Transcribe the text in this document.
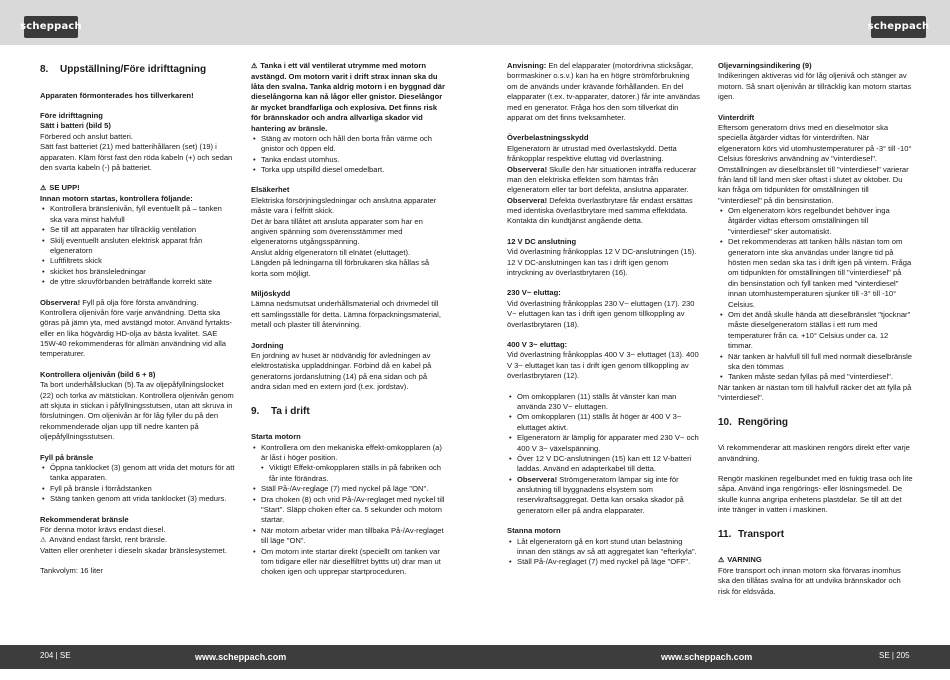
scheppach	scheppach
8. Uppställning/Före idrifttagning
Apparaten förmonterades hos tillverkaren!
Före idrifttagning
Sätt i batteri (bild 5)
Förbered och anslut batteri.
Sätt fast batteriet (21) med batterihållaren (set) (19) i apparaten. Kläm först fast den röda kabeln (+) och sedan den svarta kabeln (-) på batteriet.
⚠ SE UPP!
Innan motorn startas, kontrollera följande:
• Kontrollera bränslenivån, fyll eventuellt på – tanken ska vara minst halvfull
• Se till att apparaten har tillräcklig ventilation
• Skilj eventuellt ansluten elektrisk apparat från elgeneratorn
• Luftfiltrets skick
• skicket hos bränsleledningar
• de yttre skruvförbanden beträffande korrekt säte
Observera! Fyll på olja före första användning. Kontrollera oljenivån före varje användning. Detta ska göras på jämn yta, med avstängd motor. Använd fyrtakts- eller en lika högvärdig HD-olja av bästa kvalitet. SAE 15W-40 rekommenderas för allmän användning vid alla temperaturer.
Kontrollera oljenivån (bild 6 + 8)
Ta bort underhållsluckan (5).Ta av oljepåfyllningslocket (22) och torka av mätstickan. Kontrollera oljenivån genom att skjuta in stickan i påfyllningsstutsen, utan att skruva in förslutningen. Om oljenivån är för låg fyller du på den rekommenderade oljan upp till nedre kanten på oljepåfyllningsstutsen.
Fyll på bränsle
• Öppna tanklocket (3) genom att vrida det moturs för att tanka apparaten.
• Fyll på bränsle i förrådstanken
• Stäng tanken genom att vrida tanklocket (3) medurs.
Rekommenderat bränsle
För denna motor krävs endast diesel.
⚠ Använd endast färskt, rent bränsle.
Vatten eller orenheter i dieseln skadar bränslesystemet.
Tankvolym: 16 liter
⚠ Tanka i ett väl ventilerat utrymme med motorn avstängd. Om motorn varit i drift strax innan ska du låta den svalna. Tanka aldrig motorn i en byggnad där dieselångorna kan nå lågor eller gnistor. Dieselångor är mycket brandfarliga och explosiva. Det finns risk för brännskador och andra allvarliga skador vid hantering av bränsle.
• Stäng av motorn och håll den borta från värme och gnistor och öppen eld.
• Tanka endast utomhus.
• Torka upp utspilld diesel omedelbart.
Elsäkerhet
Elektriska försörjningsledningar och anslutna apparater måste vara i felfritt skick.
Det är bara tillåtet att ansluta apparater som har en angiven spänning som överensstämmer med elgeneratorns utgångsspänning.
Anslut aldrig elgeneratorn till elnätet (eluttaget).
Längden på ledningarna till förbrukaren ska hållas så korta som möjligt.
Miljöskydd
Lämna nedsmutsat underhållsmaterial och drivmedel till ett samlingsställe för detta. Lämna förpackningsmaterial, metall och plaster till återvinning.
Jordning
En jordning av huset är nödvändig för avledningen av elektrostatiska uppladdningar. Förbind då en kabel på generatorns jordanslutning (14) på ena sidan och på andra sidan med en extern jord (t.ex. jordstav).
9. Ta i drift
Starta motorn
• Kontrollera om den mekaniska effekt-omkopplaren (a) är låst i höger position.
• Viktigt! Effekt-omkopplaren ställs in på fabriken och får inte förändras.
• Ställ På-/Av-reglage (7) med nyckel på läge "ON".
• Dra choken (8) och vrid På-/Av-reglaget med nyckel till "Start". Släpp choken efter ca. 5 sekunder och motorn startar.
• När motorn arbetar vrider man tillbaka På-/Av-reglaget till läge "ON".
• Om motorn inte startar direkt (speciellt om tanken var tom tidigare eller när dieselfiltret byttts ut) drar man ut choken igen och upprepar startproceduren.
Anvisning: En del elapparater (motordrivna sticksågar, borrmaskiner o.s.v.) kan ha en högre strömförbrukning om de används under krävande förhållanden. En del elapparater (t.ex. tv-apparater, datorer.) får inte användas med en generator. Fråga hos den som tillverkat din apparat om det finns tveksamheter.
Överbelastningsskydd
Elgeneratorn är utrustad med överlastskydd. Detta frånkopplar respektive eluttag vid överlastning.
Observera! Skulle den här situationen inträffa reducerar man den elektriska effekten som hämtas från elgeneratorn eller tar bort defekta, anslutna apparater.
Observera! Defekta överlastbrytare får endast ersättas med identiska överlastbrytare med samma effektdata. Kontakta din kundtjänst angående detta.
12 V DC anslutning
Vid överlastning frånkopplas 12 V DC-anslutningen (15). 12 V DC-anslutningen kan tas i drift igen genom intryckning av överlastbrytaren (16).
230 V~ eluttag:
Vid överlastning frånkopplas 230 V~ eluttagen (17). 230 V~ eluttagen kan tas i drift igen genom tillkoppling av överlastbrytaren (18).
400 V 3~ eluttag:
Vid överlastning frånkopplas 400 V 3~ eluttaget (13). 400 V 3~ eluttaget kan tas i drift igen genom tillkoppling av överlastbrytaren (12).
• Om omkopplaren (11) ställs åt vänster kan man använda 230 V~ eluttagen.
• Om omkopplaren (11) ställs åt höger är 400 V 3~ eluttaget aktivt.
• Elgeneratorn är lämplig för apparater med 230 V~ och 400 V 3~ växelspänning.
• Över 12 V DC-anslutningen (15) kan ett 12 V-batteri laddas. Använd en adapterkabel till detta.
• Observera! Strömgeneratorn lämpar sig inte för anslutning till byggnadens elsystem som reservkraftsaggregat. Detta kan orsaka skador på generatorn eller på andra elapparater.
Stanna motorn
• Låt elgeneratorn gå en kort stund utan belastning innan den stängs av så att aggregatet kan "efterkyla".
• Ställ På-/Av-reglaget (7) med nyckel på läge "OFF".
Oljevarningsindikering (9)
Indikeringen aktiveras vid för låg oljenivå och stänger av motorn. Så snart oljenivån är tillräcklig kan motorn startas igen.
Vinterdrift
Eftersom generatorn drivs med en dieselmotor ska speciella åtgärder vidtas för vinterdriften. När elgeneratorn körs vid utomhustemperaturer på -3° till -10° Celsius föreskrivs användning av "vinterdiesel". Omställningen av dieselbränslet till "vinterdiesel" varierar från land till land men sker oftast i slutet av oktober. Du kan fråga om tidpunkten för omställningen till "vinterdiesel" på din bensinstation.
• Om elgeneratorn körs regelbundet behöver inga åtgärder vidtas eftersom omställningen till "vinterdiesel" sker automatiskt.
• Det rekommenderas att tanken hålls nästan tom om generatorn inte ska användas under längre tid på hösten men sedan ska tas i drift igen på vintern. Fråga om tidpunkten för omställningen till "vinterdiesel" på din bensinstation och fyll tanken med "vinterdiesel" innan utomhustemperaturen sjunker till -3° till -10° Celsius.
• Om det ändå skulle hända att dieselbränslet "tjocknar" måste dieselgeneratorn ställas i ett rum med temperaturer från ca. +10° Celsius under ca. 12 timmar.
• När tanken är halvfull till full med normalt dieselbränsle ska den tömmas
• Tanken måste sedan fyllas på med "vinterdiesel".
När tanken är nästan tom till halvfull räcker det att fylla på "vinterdiesel".
10. Rengöring
Vi rekommenderar att maskinen rengörs direkt efter varje användning.
Rengör maskinen regelbundet med en fuktig trasa och lite såpa. Använd inga rengörings- eller lösningsmedel. De skulle kunna angripa enhetens plastdelar. Se till att det inte tränger in vatten i maskinen.
11. Transport
⚠ VARNING
Före transport och innan motorn ska förvaras inomhus ska den tillåtas svalna för att undvika brännskador och risk för eldsvåda.
204 | SE	www.scheppach.com	www.scheppach.com	SE | 205
